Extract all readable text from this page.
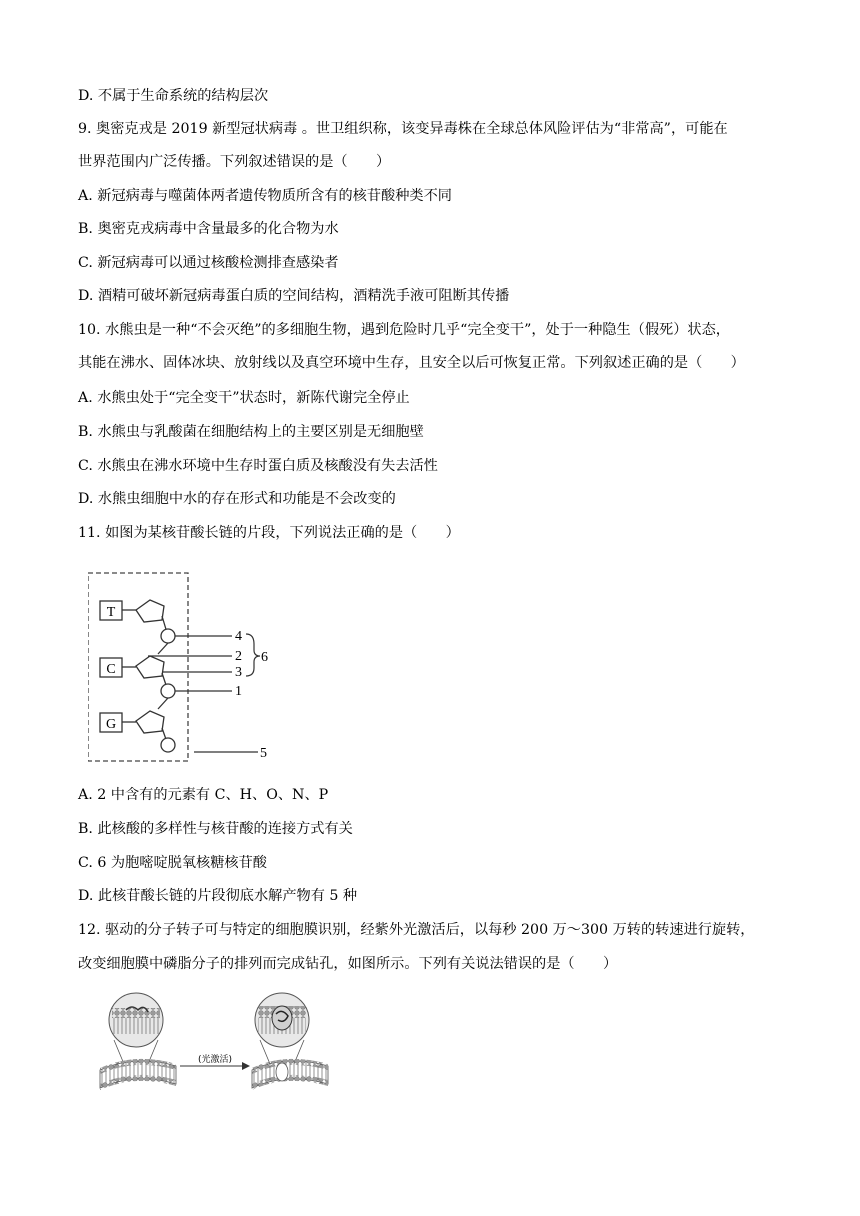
D. 不属于生命系统的结构层次
9. 奥密克戎是 2019 新型冠状病毒 。世卫组织称，该变异毒株在全球总体风险评估为“非常高”，可能在
世界范围内广泛传播。下列叙述错误的是（　　）
A. 新冠病毒与噬菌体两者遗传物质所含有的核苷酸种类不同
B. 奥密克戎病毒中含量最多的化合物为水
C. 新冠病毒可以通过核酸检测排查感染者
D. 酒精可破坏新冠病毒蛋白质的空间结构，酒精洗手液可阻断其传播
10. 水熊虫是一种“不会灭绝”的多细胞生物，遇到危险时几乎“完全变干”，处于一种隐生（假死）状态，
其能在沸水、固体冰块、放射线以及真空环境中生存，且安全以后可恢复正常。下列叙述正确的是（　　）
A. 水熊虫处于“完全变干”状态时，新陈代谢完全停止
B. 水熊虫与乳酸菌在细胞结构上的主要区别是无细胞壁
C. 水熊虫在沸水环境中生存时蛋白质及核酸没有失去活性
D. 水熊虫细胞中水的存在形式和功能是不会改变的
11. 如图为某核苷酸长链的片段，下列说法正确的是（　　）
T
C
G
4
2
3
1
5
6
A. 2 中含有的元素有 C、H、O、N、P
B. 此核酸的多样性与核苷酸的连接方式有关
C. 6 为胞嘧啶脱氧核糖核苷酸
D. 此核苷酸长链的片段彻底水解产物有 5 种
12. 驱动的分子转子可与特定的细胞膜识别，经紫外光激活后，以每秒 200 万～300 万转的转速进行旋转，
改变细胞膜中磷脂分子的排列而完成钻孔，如图所示。下列有关说法错误的是（　　）
(光激活)
